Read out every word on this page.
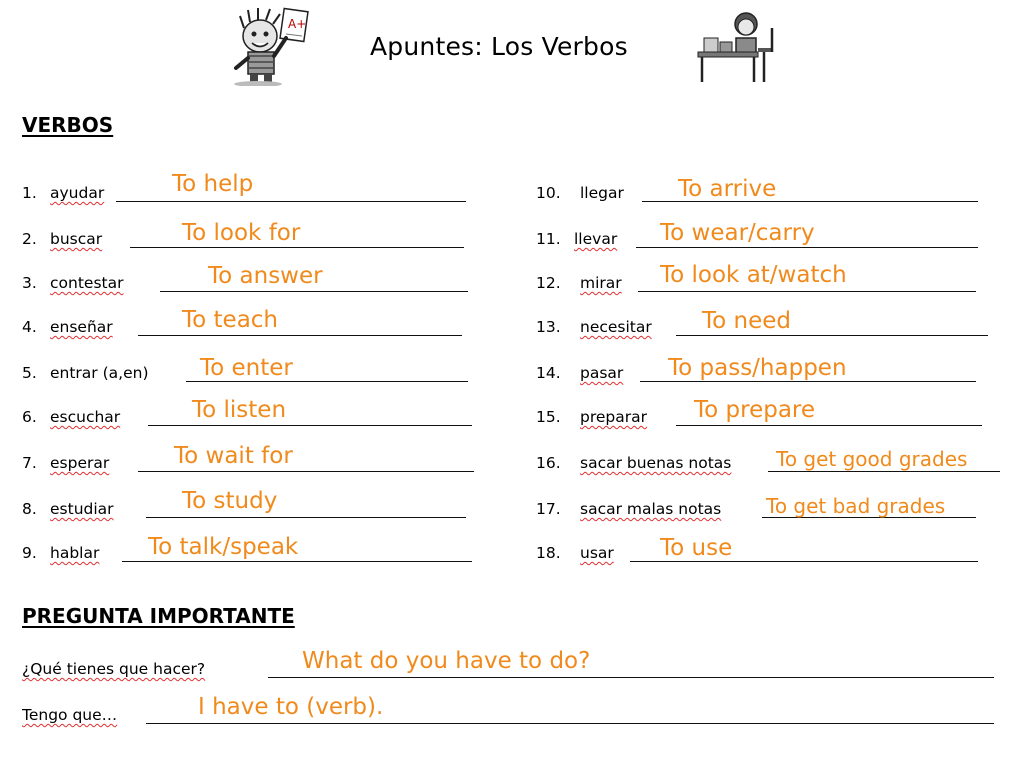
A+
Apuntes: Los Verbos
VERBOS
1. ayudar	To help
2. buscar	To look for
3. contestar	To answer
4. enseñar	To teach
5. entrar (a,en) To enter
6. escuchar	To listen
7. esperar	To wait for
8. estudiar	To study
9. hablar To talk/speak
10. llegar To arrive
11. llevar To wear/carry
12. mirar To look at/watch
13. necesitar To need
14. pasar To pass/happen
15. preparar To prepare
16. sacar buenas notas To get good grades
17. sacar malas notas To get bad grades
18. usar To use
PREGUNTA IMPORTANTE
¿Qué tienes que hacer?	What do you have to do?
Tengo que…	I have to (verb).
